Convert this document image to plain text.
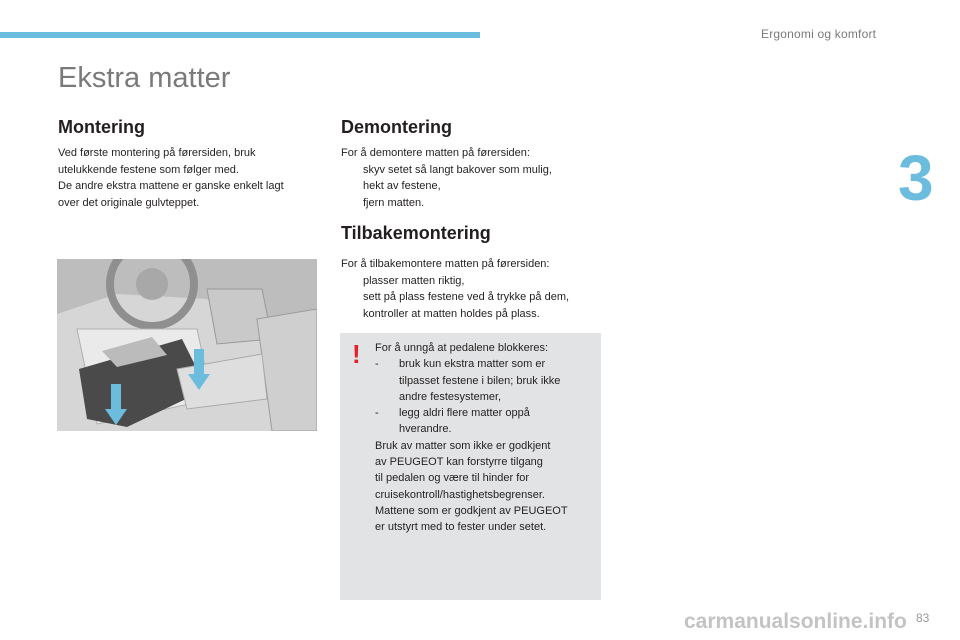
Ergonomi og komfort
3
Ekstra matter
Montering

Ved første montering på førersiden, bruk

utelukkende festene som følger med.

De andre ekstra mattene er ganske enkelt lagt

over det originale gulvteppet.

Demontering

For å demontere matten på førersiden:

skyv setet så langt bakover som mulig,
hekt av festene,
fjern matten.
Tilbakemontering

For å tilbakemontere matten på førersiden:

plasser matten riktig,
sett på plass festene ved å trykke på dem,
kontroller at matten holdes på plass.
! For å unngå at pedalene blokkeres:

- bruk kun ekstra matter som er

tilpasset festene i bilen; bruk ikke

andre festesystemer,

- legg aldri flere matter oppå

hverandre.

Bruk av matter som ikke er godkjent

av PEUGEOT kan forstyrre tilgang

til pedalen og være til hinder for

cruisekontroll/hastighetsbegrenser.

Mattene som er godkjent av PEUGEOT

er utstyrt med to fester under setet.

carmanualsonline.info 83
